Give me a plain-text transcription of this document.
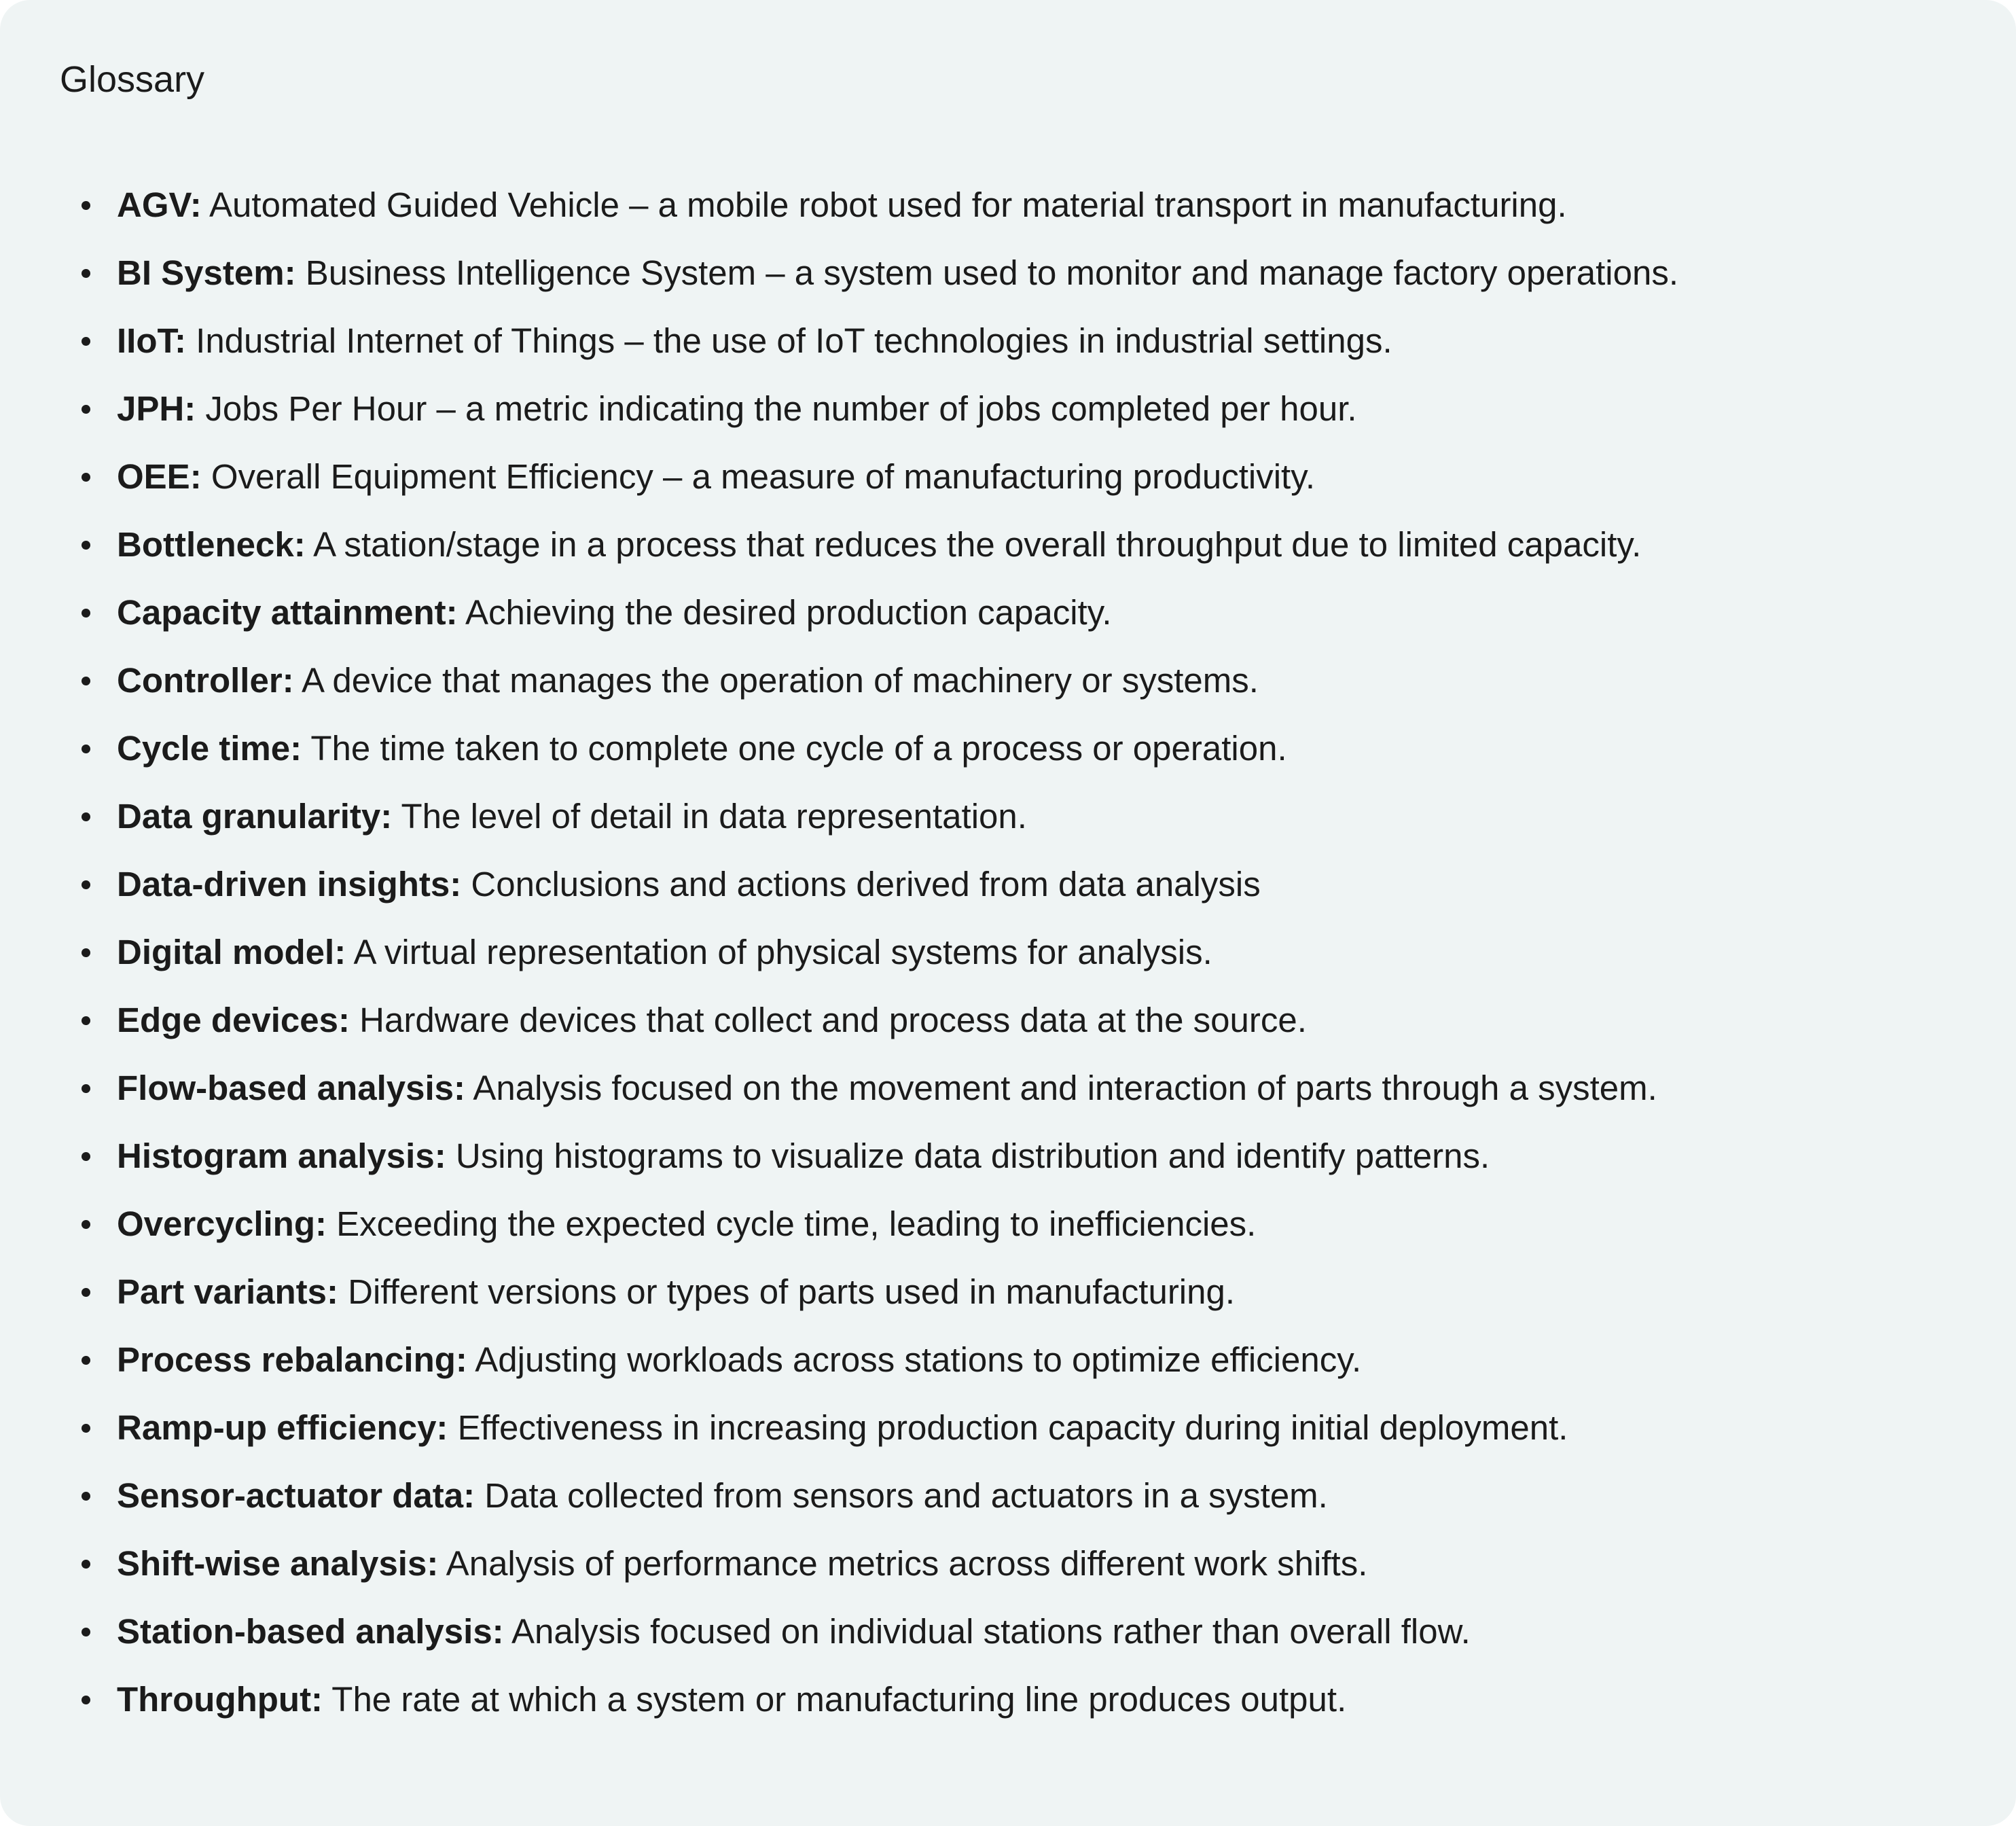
Glossary
AGV: Automated Guided Vehicle – a mobile robot used for material transport in manufacturing.
BI System: Business Intelligence System – a system used to monitor and manage factory operations.
IIoT: Industrial Internet of Things – the use of IoT technologies in industrial settings.
JPH: Jobs Per Hour – a metric indicating the number of jobs completed per hour.
OEE: Overall Equipment Efficiency – a measure of manufacturing productivity.
Bottleneck: A station/stage in a process that reduces the overall throughput due to limited capacity.
Capacity attainment: Achieving the desired production capacity.
Controller: A device that manages the operation of machinery or systems.
Cycle time: The time taken to complete one cycle of a process or operation.
Data granularity: The level of detail in data representation.
Data-driven insights: Conclusions and actions derived from data analysis
Digital model: A virtual representation of physical systems for analysis.
Edge devices: Hardware devices that collect and process data at the source.
Flow-based analysis: Analysis focused on the movement and interaction of parts through a system.
Histogram analysis: Using histograms to visualize data distribution and identify patterns.
Overcycling: Exceeding the expected cycle time, leading to inefficiencies.
Part variants: Different versions or types of parts used in manufacturing.
Process rebalancing: Adjusting workloads across stations to optimize efficiency.
Ramp-up efficiency: Effectiveness in increasing production capacity during initial deployment.
Sensor-actuator data: Data collected from sensors and actuators in a system.
Shift-wise analysis: Analysis of performance metrics across different work shifts.
Station-based analysis: Analysis focused on individual stations rather than overall flow.
Throughput: The rate at which a system or manufacturing line produces output.
